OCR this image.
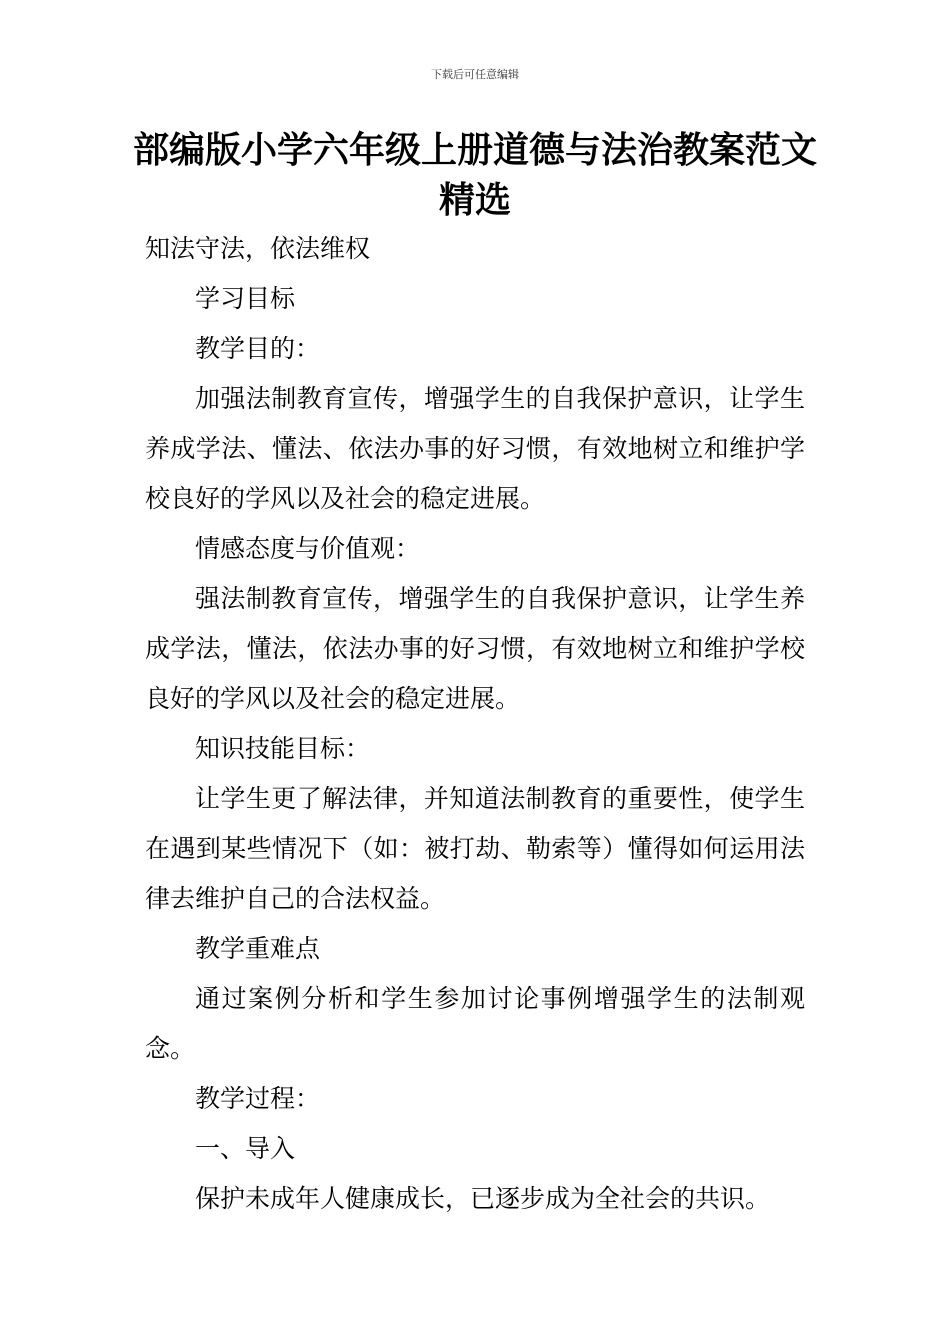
下载后可任意编辑
部编版小学六年级上册道德与法治教案范文精选

知法守法，依法维权

学习目标

教学目的：

加强法制教育宣传，增强学生的自我保护意识，让学生养成学法、懂法、依法办事的好习惯，有效地树立和维护学校良好的学风以及社会的稳定进展。

情感态度与价值观：

强法制教育宣传，增强学生的自我保护意识，让学生养成学法，懂法，依法办事的好习惯，有效地树立和维护学校良好的学风以及社会的稳定进展。

知识技能目标：

让学生更了解法律，并知道法制教育的重要性，使学生在遇到某些情况下（如：被打劫、勒索等）懂得如何运用法律去维护自己的合法权益。

教学重难点

通过案例分析和学生参加讨论事例增强学生的法制观念。

教学过程：

一、导入

保护未成年人健康成长，已逐步成为全社会的共识。
